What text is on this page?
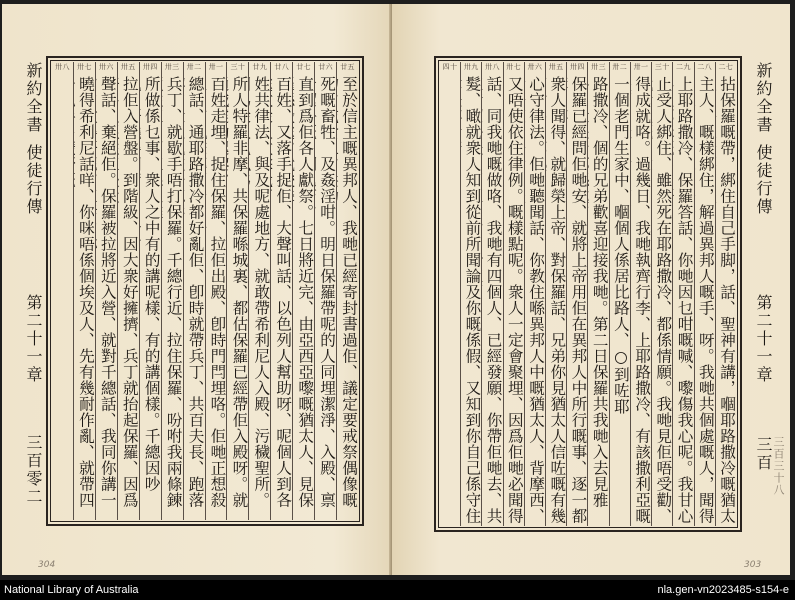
廿五
至於信主嘅異邦人、我哋已經寄封書過佢、議定要戒祭偶像嘅
廿六
死嘅畜牲、及姦淫咁。明日保羅帶呢的人同埋潔淨、入殿、禀
廿七
直到爲佢各人獻祭。七日將近完、由亞西亞嚟嘅猶太人、見保
廿八
百姓、又落手捉佢、大聲叫話、以色列人幫助呀、呢個人到各
廿九
姓共律法、與及呢處地方、就敢帶希利尼人入殿、污穢聖所。
三十
所人特羅非摩、共保羅喺城裏、都估保羅已經帶佢入殿呀。就
卅一
百姓走埋、捉住保羅、拉佢出殿、卽時門閂埋咯。佢哋正想殺
卅二
總話、通耶路撒冷都好亂佢、卽時就帶兵丁、共百夫長、跑落
卅三
兵丁、就歇手唔打保羅。千總行近、拉住保羅、吩咐我兩條鍊
卅四
所做係乜事、衆人之中有的講呢樣、有的講個樣。千總因吵
卅五
拉佢入營盤。到階級、因大衆好擁擠、兵丁就抬起保羅、因爲
卅六
聲話、棄絕佢。保羅被拉將近入營、就對千總話、我同你講一
卅七
曉得希利尼話咩、你咪唔係個埃及人、先有幾耐作亂、就帶四
卅八
新約全書
使徒行傳
第二十一章
三百零二
304
二七
拈保羅嘅帶，綁住自己手脚，話、聖神有講，嗰耶路撒冷嘅猶太
二八
主人、嘅樣綁住，解過異邦人嘅手、呀。我哋共個處嘅人，聞得
二九
上耶路撒冷、保羅答話、你哋因乜咁嘅喊、嚟傷我心呢。我甘心
三十
止受人綁住、雖然死在耶路撒冷、都係情願。我哋見佢唔受勸、
卅一
得成就咯。過幾日、我哋執齊行李、上耶路撒冷、有該撒利亞嘅
卅二
一個老門生家中、嗰個人係居比路人、○到咗耶
卅三
路撒冷、個的兄弟歡喜迎接我哋。第二日保羅共我哋入去見雅
卅四
保羅已經問佢哋安、就將上帝用佢在異邦人中所行嘅事、逐一都
卅五
衆人聞得、就歸榮上帝、對保羅話、兄弟你見猶太人信咗嘅有幾
卅六
心守律法。佢哋聽聞話、你教住喺異邦人中嘅猶太人、背摩西、
卅七
又唔使依住律例。嘅樣點呢。衆人一定會聚埋、因爲佢哋必聞得
卅八
話、同我哋嘅做咯、我哋有四個人、已經發願、你帶佢哋去、共
卅九
髮、噉就衆人知到從前所聞論及你嘅係假、又知到你自己係守住
四十	新約全書
使徒行傳
第二十一章
三百 三百三十八
303
National Library of Australia	nla.gen-vn2023485-s154-e
